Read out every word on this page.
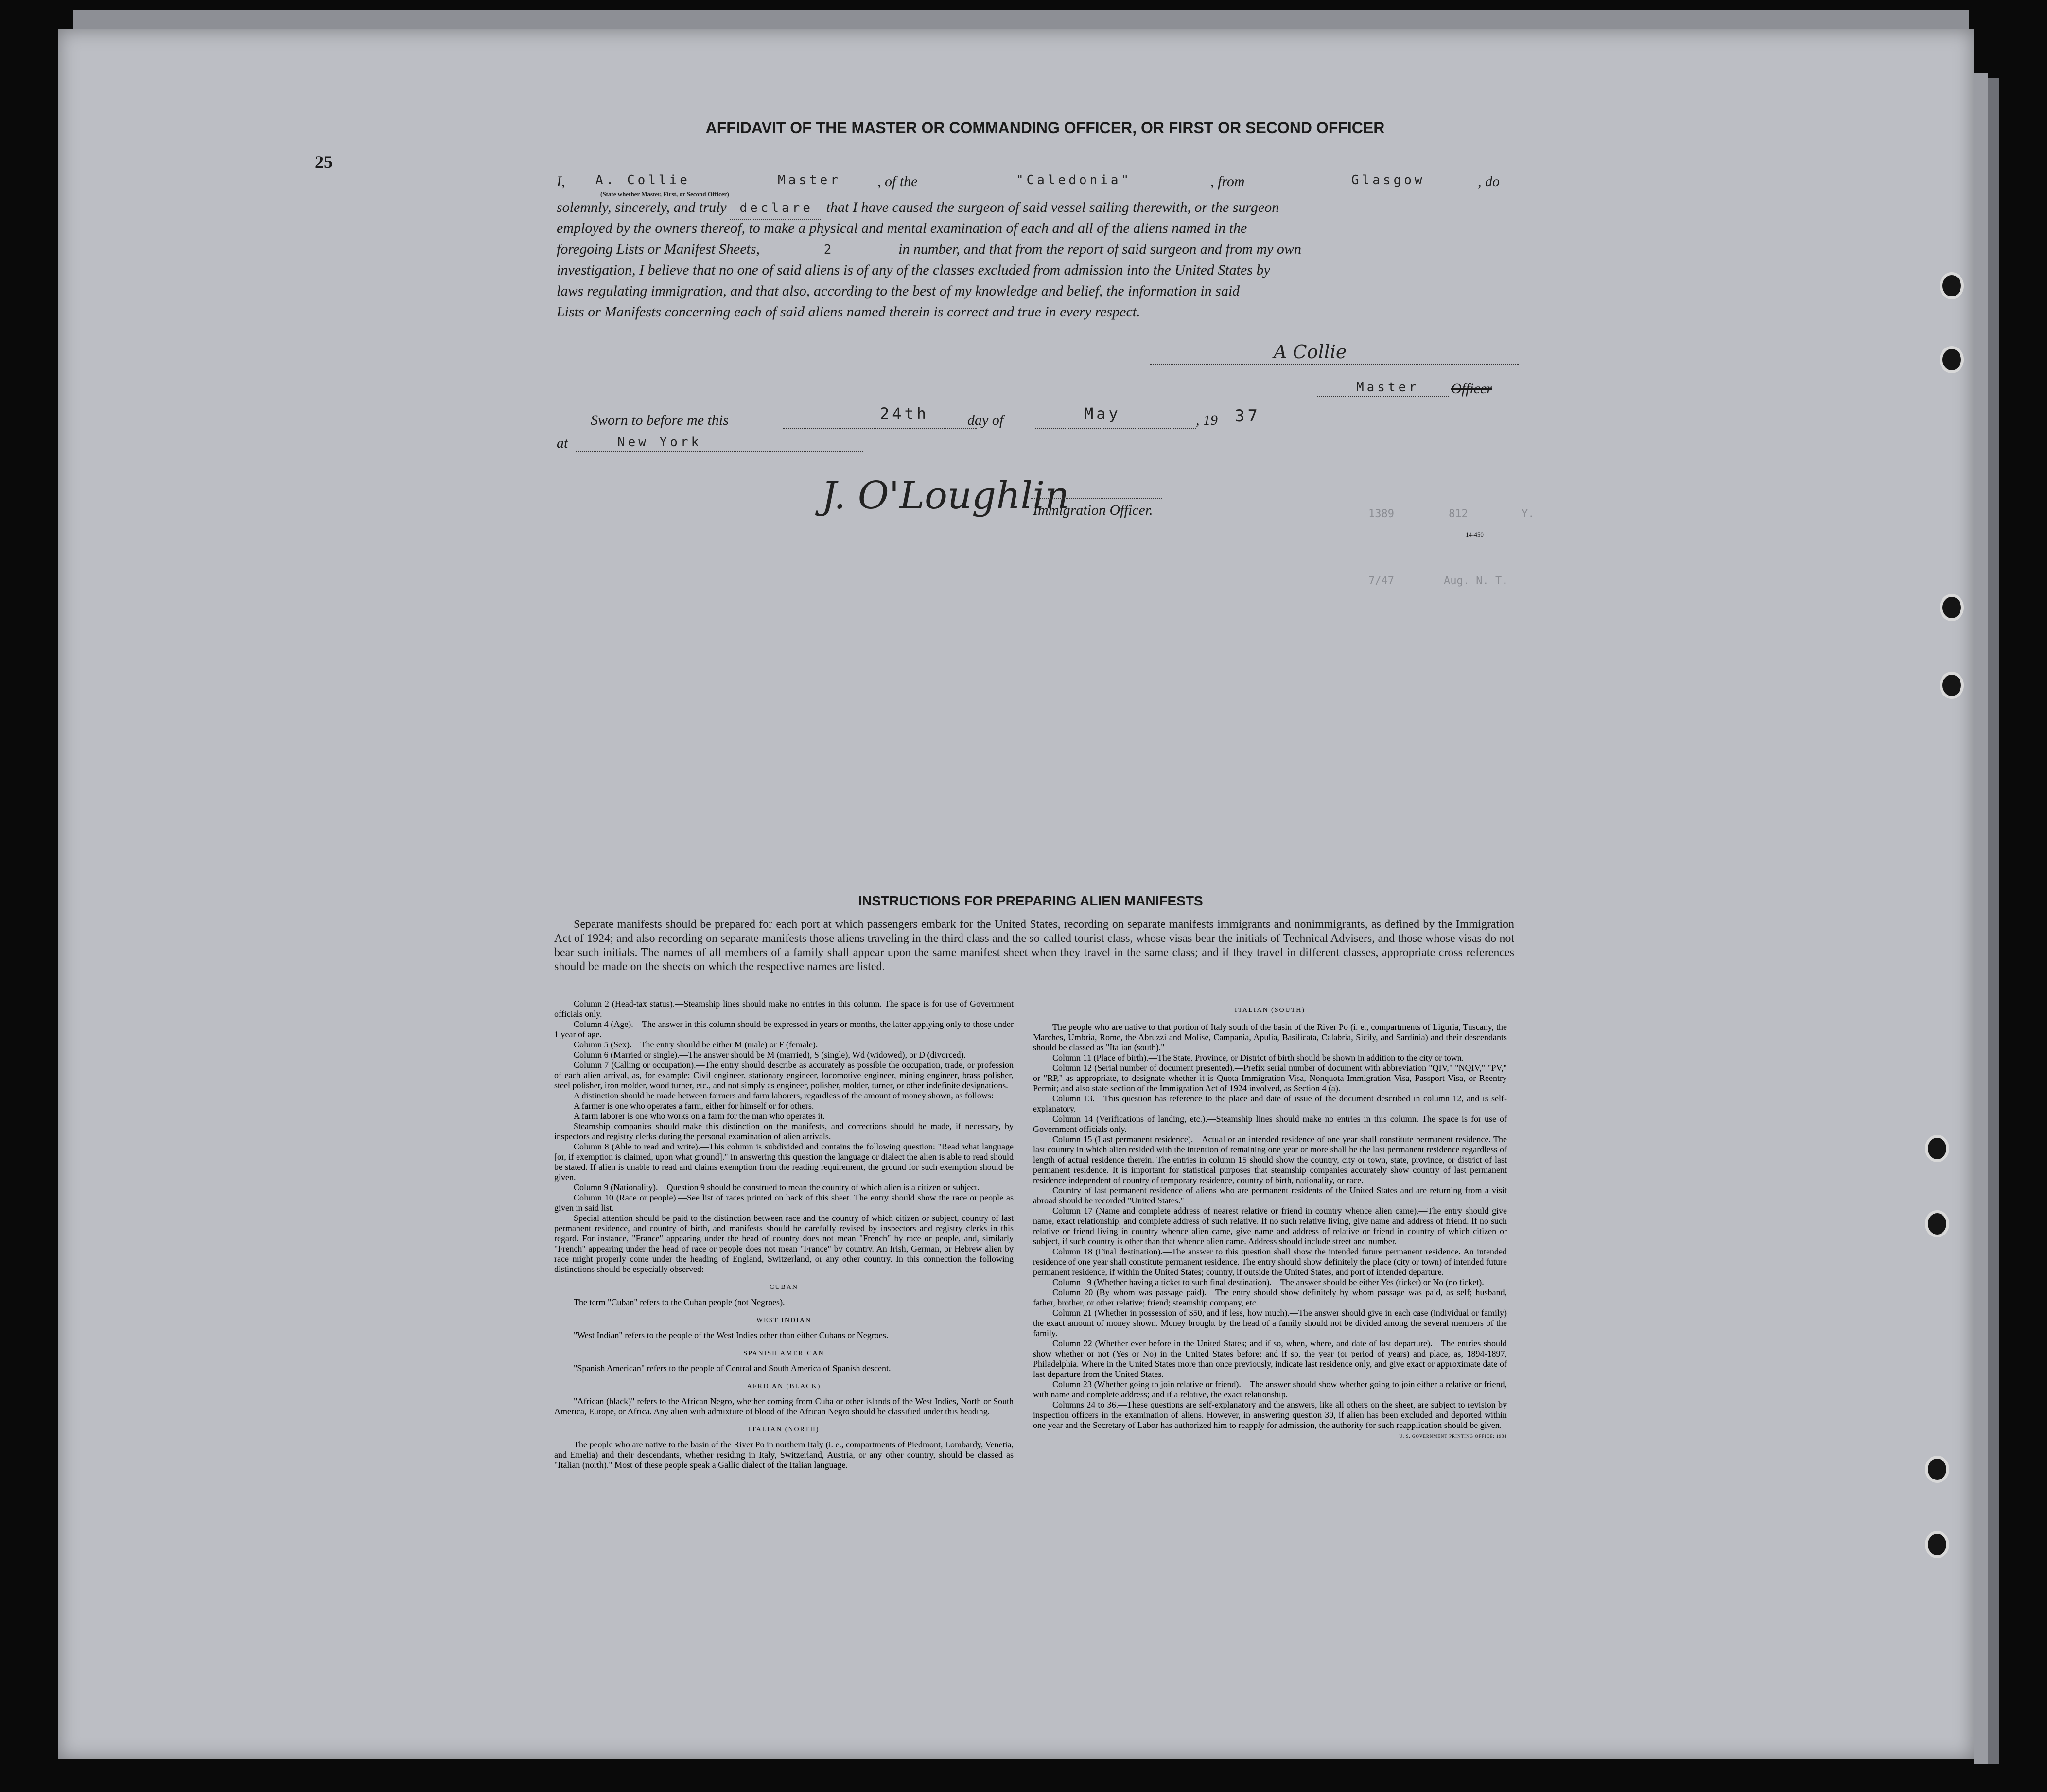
AFFIDAVIT OF THE MASTER OR COMMANDING OFFICER, OR FIRST OR SECOND OFFICER
25
I, A. Collie	Master	, of the	"Caledonia"	, from	Glasgow	, do
(State whether Master, First, or Second Officer)
solemnly, sincerely, and truly declare that I have caused the surgeon of said vessel sailing therewith, or the surgeon
employed by the owners thereof, to make a physical and mental examination of each and all of the aliens named in the
foregoing Lists or Manifest Sheets,	2	in number, and that from the report of said surgeon and from my own
investigation, I believe that no one of said aliens is of any of the classes excluded from admission into the United States by
laws regulating immigration, and that also, according to the best of my knowledge and belief, the information in said
Lists or Manifests concerning each of said aliens named therein is correct and true in every respect.
A Collie
Master Officer
Sworn to before me this	24th	day of	May	, 19 37
at	New York
J. O'Loughlin
Immigration Officer.	1389	812	Y.
14-450
7/47	Aug. N. T.
INSTRUCTIONS FOR PREPARING ALIEN MANIFESTS

Separate manifests should be prepared for each port at which passengers embark for the United States, recording on separate manifests immigrants and nonimmigrants, as defined by the Immigration Act of 1924; and also recording on separate manifests those aliens traveling in the third class and the so-called tourist class, whose visas bear the initials of Technical Advisers, and those whose visas do not bear such initials. The names of all members of a family shall appear upon the same manifest sheet when they travel in the same class; and if they travel in different classes, appropriate cross references should be made on the sheets on which the respective names are listed.

Column 2 (Head-tax status).—Steamship lines should make no entries in this column. The space is for use of Government officials only.

Column 4 (Age).—The answer in this column should be expressed in years or months, the latter applying only to those under 1 year of age.

Column 5 (Sex).—The entry should be either M (male) or F (female).

Column 6 (Married or single).—The answer should be M (married), S (single), Wd (widowed), or D (divorced).

Column 7 (Calling or occupation).—The entry should describe as accurately as possible the occupation, trade, or profession of each alien arrival, as, for example: Civil engineer, stationary engineer, locomotive engineer, mining engineer, brass polisher, steel polisher, iron molder, wood turner, etc., and not simply as engineer, polisher, molder, turner, or other indefinite designations.

A distinction should be made between farmers and farm laborers, regardless of the amount of money shown, as follows:

A farmer is one who operates a farm, either for himself or for others.

A farm laborer is one who works on a farm for the man who operates it.

Steamship companies should make this distinction on the manifests, and corrections should be made, if necessary, by inspectors and registry clerks during the personal examination of alien arrivals.

Column 8 (Able to read and write).—This column is subdivided and contains the following question: "Read what language [or, if exemption is claimed, upon what ground]." In answering this question the language or dialect the alien is able to read should be stated. If alien is unable to read and claims exemption from the reading requirement, the ground for such exemption should be given.

Column 9 (Nationality).—Question 9 should be construed to mean the country of which alien is a citizen or subject.

Column 10 (Race or people).—See list of races printed on back of this sheet. The entry should show the race or people as given in said list.

Special attention should be paid to the distinction between race and the country of which citizen or subject, country of last permanent residence, and country of birth, and manifests should be carefully revised by inspectors and registry clerks in this regard. For instance, "France" appearing under the head of country does not mean "French" by race or people, and, similarly "French" appearing under the head of race or people does not mean "France" by country. An Irish, German, or Hebrew alien by race might properly come under the heading of England, Switzerland, or any other country. In this connection the following distinctions should be especially observed:

CUBAN

The term "Cuban" refers to the Cuban people (not Negroes).

WEST INDIAN

"West Indian" refers to the people of the West Indies other than either Cubans or Negroes.

SPANISH AMERICAN

"Spanish American" refers to the people of Central and South America of Spanish descent.

AFRICAN (BLACK)

"African (black)" refers to the African Negro, whether coming from Cuba or other islands of the West Indies, North or South America, Europe, or Africa. Any alien with admixture of blood of the African Negro should be classified under this heading.

ITALIAN (NORTH)

The people who are native to the basin of the River Po in northern Italy (i. e., compartments of Piedmont, Lombardy, Venetia, and Emelia) and their descendants, whether residing in Italy, Switzerland, Austria, or any other country, should be classed as "Italian (north)." Most of these people speak a Gallic dialect of the Italian language.

ITALIAN (SOUTH)

The people who are native to that portion of Italy south of the basin of the River Po (i. e., compartments of Liguria, Tuscany, the Marches, Umbria, Rome, the Abruzzi and Molise, Campania, Apulia, Basilicata, Calabria, Sicily, and Sardinia) and their descendants should be classed as "Italian (south)."

Column 11 (Place of birth).—The State, Province, or District of birth should be shown in addition to the city or town.

Column 12 (Serial number of document presented).—Prefix serial number of document with abbreviation "QIV," "NQIV," "PV," or "RP," as appropriate, to designate whether it is Quota Immigration Visa, Nonquota Immigration Visa, Passport Visa, or Reentry Permit; and also state section of the Immigration Act of 1924 involved, as Section 4 (a).

Column 13.—This question has reference to the place and date of issue of the document described in column 12, and is self-explanatory.

Column 14 (Verifications of landing, etc.).—Steamship lines should make no entries in this column. The space is for use of Government officials only.

Column 15 (Last permanent residence).—Actual or an intended residence of one year shall constitute permanent residence. The last country in which alien resided with the intention of remaining one year or more shall be the last permanent residence regardless of length of actual residence therein. The entries in column 15 should show the country, city or town, state, province, or district of last permanent residence. It is important for statistical purposes that steamship companies accurately show country of last permanent residence independent of country of temporary residence, country of birth, nationality, or race.

Country of last permanent residence of aliens who are permanent residents of the United States and are returning from a visit abroad should be recorded "United States."

Column 17 (Name and complete address of nearest relative or friend in country whence alien came).—The entry should give name, exact relationship, and complete address of such relative. If no such relative living, give name and address of friend. If no such relative or friend living in country whence alien came, give name and address of relative or friend in country of which citizen or subject, if such country is other than that whence alien came. Address should include street and number.

Column 18 (Final destination).—The answer to this question shall show the intended future permanent residence. An intended residence of one year shall constitute permanent residence. The entry should show definitely the place (city or town) of intended future permanent residence, if within the United States; country, if outside the United States, and port of intended departure.

Column 19 (Whether having a ticket to such final destination).—The answer should be either Yes (ticket) or No (no ticket).

Column 20 (By whom was passage paid).—The entry should show definitely by whom passage was paid, as self; husband, father, brother, or other relative; friend; steamship company, etc.

Column 21 (Whether in possession of $50, and if less, how much).—The answer should give in each case (individual or family) the exact amount of money shown. Money brought by the head of a family should not be divided among the several members of the family.

Column 22 (Whether ever before in the United States; and if so, when, where, and date of last departure).—The entries should show whether or not (Yes or No) in the United States before; and if so, the year (or period of years) and place, as, 1894-1897, Philadelphia. Where in the United States more than once previously, indicate last residence only, and give exact or approximate date of last departure from the United States.

Column 23 (Whether going to join relative or friend).—The answer should show whether going to join either a relative or friend, with name and complete address; and if a relative, the exact relationship.

Columns 24 to 36.—These questions are self-explanatory and the answers, like all others on the sheet, are subject to revision by inspection officers in the examination of aliens. However, in answering question 30, if alien has been excluded and deported within one year and the Secretary of Labor has authorized him to reapply for admission, the authority for such reapplication should be given.

U. S. GOVERNMENT PRINTING OFFICE: 1934
